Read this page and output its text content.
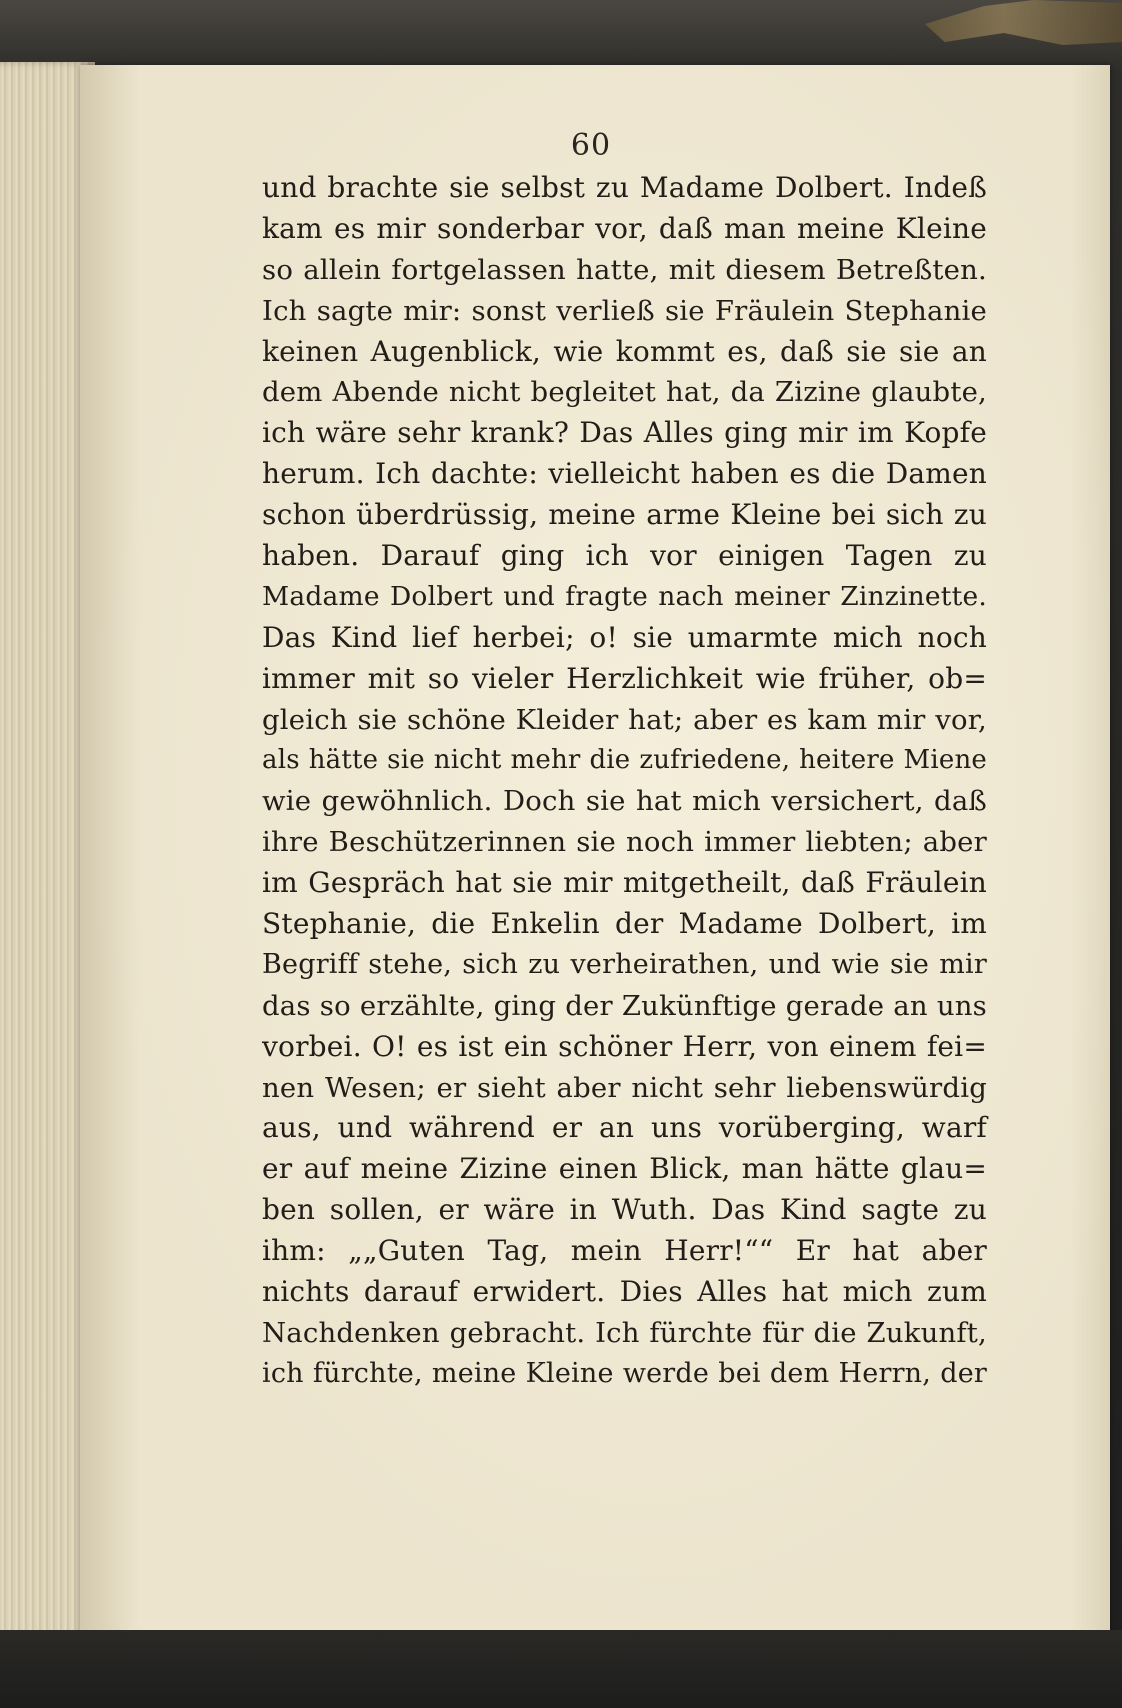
60
und brachte sie selbst zu Madame Dolbert. Indeß
kam es mir sonderbar vor, daß man meine Kleine
so allein fortgelassen hatte, mit diesem Betreßten.
Ich sagte mir: sonst verließ sie Fräulein Stephanie
keinen Augenblick, wie kommt es, daß sie sie an
dem Abende nicht begleitet hat, da Zizine glaubte,
ich wäre sehr krank? Das Alles ging mir im Kopfe
herum. Ich dachte: vielleicht haben es die Damen
schon überdrüssig, meine arme Kleine bei sich zu
haben. Darauf ging ich vor einigen Tagen zu
Madame Dolbert und fragte nach meiner Zinzinette.
Das Kind lief herbei; o! sie umarmte mich noch
immer mit so vieler Herzlichkeit wie früher, ob=
gleich sie schöne Kleider hat; aber es kam mir vor,
als hätte sie nicht mehr die zufriedene, heitere Miene
wie gewöhnlich. Doch sie hat mich versichert, daß
ihre Beschützerinnen sie noch immer liebten; aber
im Gespräch hat sie mir mitgetheilt, daß Fräulein
Stephanie, die Enkelin der Madame Dolbert, im
Begriff stehe, sich zu verheirathen, und wie sie mir
das so erzählte, ging der Zukünftige gerade an uns
vorbei. O! es ist ein schöner Herr, von einem fei=
nen Wesen; er sieht aber nicht sehr liebenswürdig
aus, und während er an uns vorüberging, warf
er auf meine Zizine einen Blick, man hätte glau=
ben sollen, er wäre in Wuth. Das Kind sagte zu
ihm: „„Guten Tag, mein Herr!““ Er hat aber
nichts darauf erwidert. Dies Alles hat mich zum
Nachdenken gebracht. Ich fürchte für die Zukunft,
ich fürchte, meine Kleine werde bei dem Herrn, der
